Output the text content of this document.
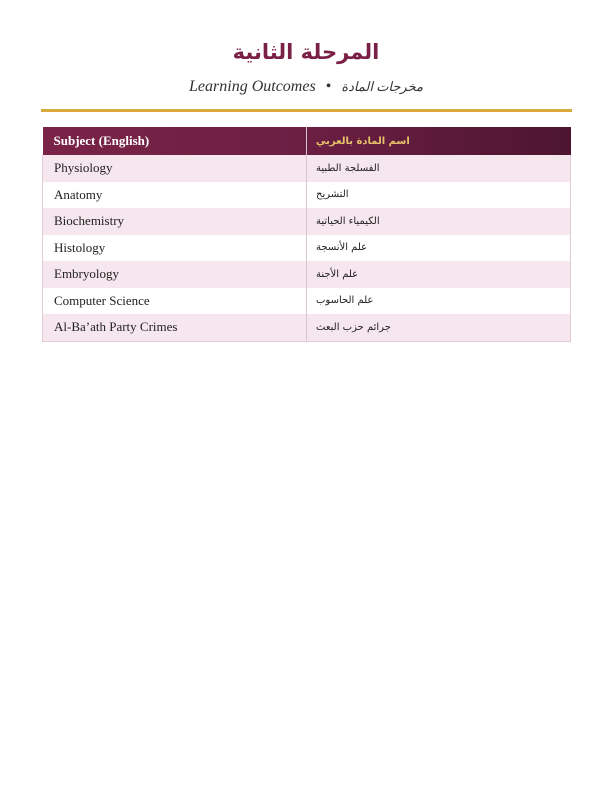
المرحلة الثانية
Learning Outcomes • مخرجات المادة
Subject (English)	اسم المادة بالعربي
Physiology	الفسلجة الطبية
Anatomy	التشريح
Biochemistry	الكيمياء الحياتية
Histology	علم الأنسجة
Embryology	علم الأجنة
Computer Science	علم الحاسوب
Al-Ba’ath Party Crimes	جرائم حزب البعث
